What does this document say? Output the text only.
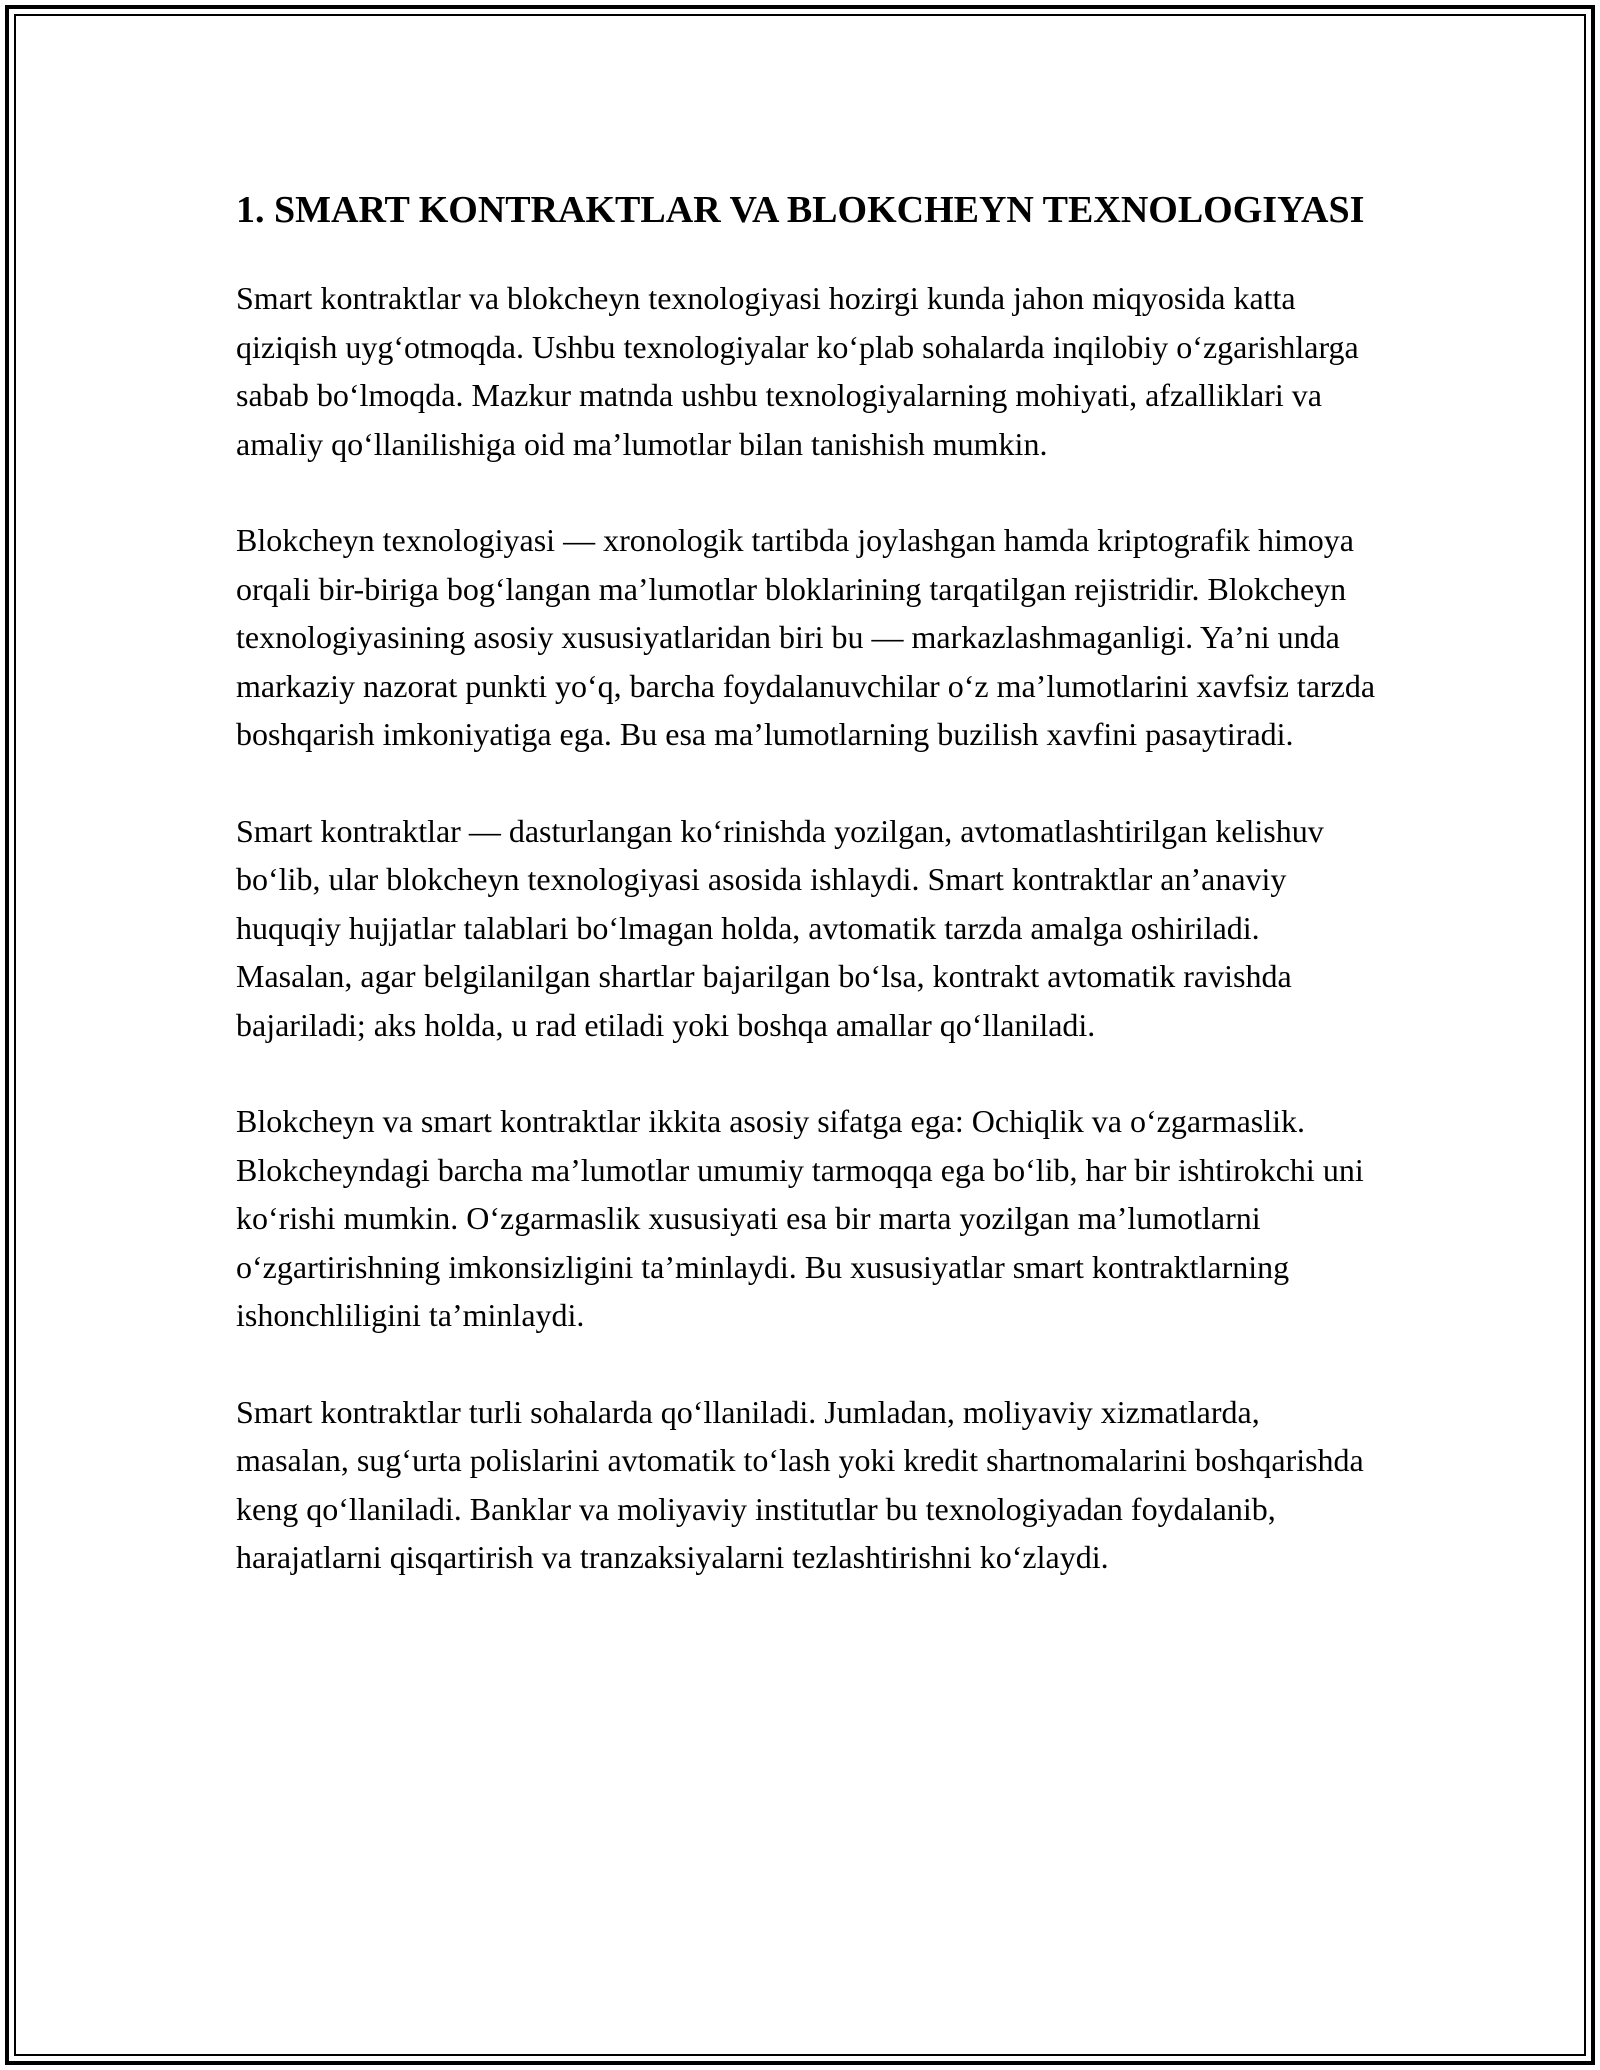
1. SMART KONTRAKTLAR VA BLOKCHEYN TEXNOLOGIYASI

Smart kontraktlar va blokcheyn texnologiyasi hozirgi kunda jahon miqyosida katta qiziqish uygʻotmoqda. Ushbu texnologiyalar koʻplab sohalarda inqilobiy oʻzgarishlarga sabab boʻlmoqda. Mazkur matnda ushbu texnologiyalarning mohiyati, afzalliklari va amaliy qoʻllanilishiga oid maʼlumotlar bilan tanishish mumkin.

Blokcheyn texnologiyasi — xronologik tartibda joylashgan hamda kriptografik himoya orqali bir-biriga bogʻlangan maʼlumotlar bloklarining tarqatilgan rejistridir. Blokcheyn texnologiyasining asosiy xususiyatlaridan biri bu — markazlashmaganligi. Yaʼni unda markaziy nazorat punkti yoʻq, barcha foydalanuvchilar oʻz maʼlumotlarini xavfsiz tarzda boshqarish imkoniyatiga ega. Bu esa maʼlumotlarning buzilish xavfini pasaytiradi.

Smart kontraktlar — dasturlangan koʻrinishda yozilgan, avtomatlashtirilgan kelishuv boʻlib, ular blokcheyn texnologiyasi asosida ishlaydi. Smart kontraktlar anʼanaviy huquqiy hujjatlar talablari boʻlmagan holda, avtomatik tarzda amalga oshiriladi. Masalan, agar belgilanilgan shartlar bajarilgan boʻlsa, kontrakt avtomatik ravishda bajariladi; aks holda, u rad etiladi yoki boshqa amallar qoʻllaniladi.

Blokcheyn va smart kontraktlar ikkita asosiy sifatga ega: Ochiqlik va oʻzgarmaslik. Blokcheyndagi barcha maʼlumotlar umumiy tarmoqqa ega boʻlib, har bir ishtirokchi uni koʻrishi mumkin. Oʻzgarmaslik xususiyati esa bir marta yozilgan maʼlumotlarni oʻzgartirishning imkonsizligini taʼminlaydi. Bu xususiyatlar smart kontraktlarning ishonchliligini taʼminlaydi.

Smart kontraktlar turli sohalarda qoʻllaniladi. Jumladan, moliyaviy xizmatlarda, masalan, sugʻurta polislarini avtomatik toʻlash yoki kredit shartnomalarini boshqarishda keng qoʻllaniladi. Banklar va moliyaviy institutlar bu texnologiyadan foydalanib, harajatlarni qisqartirish va tranzaksiyalarni tezlashtirishni koʻzlaydi.
